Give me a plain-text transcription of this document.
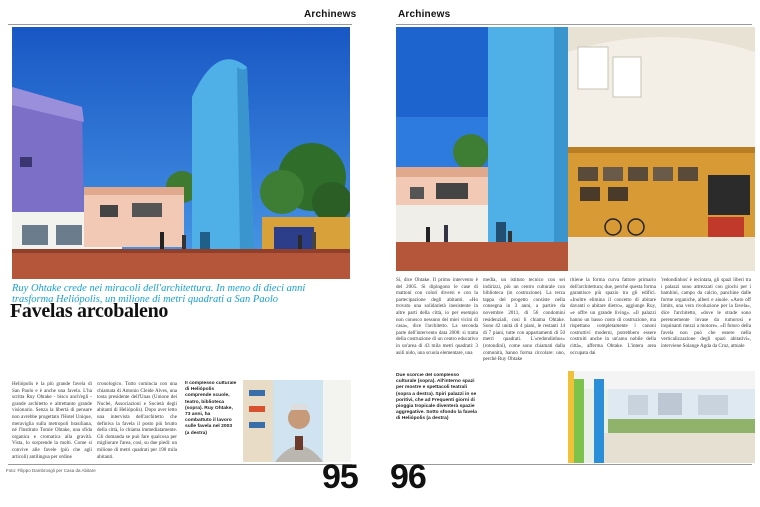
Archinews
Ruy Ohtake crede nei miracoli dell'architettura. In meno di dieci anni trasforma Heliópolis, un milione di metri quadrati a San Paolo
Favelas arcobaleno
Heliópolis è la più grande favela di San Paolo e è anche una favela. L'ha scritta Ruy Ohtake - bisco anch'egli - grande architetto e altrettanto grande visionario. Senza la libertà di pensare non avrebbe progettato l'Hotel Unique, meraviglia sulla metropoli brasiliana, né l'Instituto Tomie Ohtake, una sfida organica e cromatica alla gravità. Vista, lo sorprende la molti. Come si convive alle favele (più che agli articoli) antilingua per ordine
cronologico. Tutto comincia con una chiamata di Antonio Cleide Alves, una tosta presidente dell'Unas (Unione dei Nuclei, Associazioni e Società degli abitanti di Heliópolis). Dopo aver letto una intervista dell'architetto che definiva la favela il posto più brutto della città, lo chiama immediatamente. Gli domanda se può fare qualcosa per migliorare l'area, così, su due piedi: un milione di metri quadrati per 190 mila abitanti.
Il complesso culturale di Heliópolis comprende scuole, teatro, biblioteca (sopra). Ruy Ohtake, 73 anni, ha combattuto il lavoro sulle favela nel 2003 (a destra)
Foto: Filippo Dambrosgli per Casa da Abitare	95
Archinews
Sì, dice Ohtake. Il primo intervento è del 2005. Si dipingono le case di mattoni con colori diversi e con la partecipazione degli abitanti. «Ho trovato una solidarietà inesistente in altre parti della città, io per esempio non conosco nessuno dei miei vicini di casa», dice l'architetto. La seconda parte dell'intervento data 2008: si tratta della costruzione di un centro educativo in un'area di 43 mila metri quadrati: 3 asili nido, una scuola elementare, una
media, un istituto tecnico con sei indirizzi, più un centro culturale con biblioteca (in costruzione). La terza tappa del progetto consiste nella consegna in 3 anni, a partire da novembre 2011, di 56 condomini residenziali, così li chiama Ohtake. Sono 42 unità di 4 piani, le restanti 14 di 7 piani, tutte con appartamenti di 50 metri quadrati. L'«redondinhos» (rotondini), come sono chiamati dalla comunità, hanno forma circolare: uno, perché Ruy Ohtake
ritiene la forma curva fattore primario dell'architettura; due, perché questa forma garantisce più spazio tra gli edifici. «Inoltre elimina il concetto di abitare davanti o abitare dietro», aggiunge Ruy, «e offre un grande living». «Il palazzi hanno un basso costo di costruzione, ma rispettano completamente i canoni costruttivi moderni, potrebbero essere costruiti anche in un'area nobile della città», afferma Ohtake. L'intera area occupata dai
'redondinhos' è recintata, gli spazi liberi tra i palazzi sono attrezzati con giochi per i bambini, campo da calcio, panchine dalle forme organiche, alberi e aiuole. «Auto off limits, una vera rivoluzione per la favela», dice l'architetto, «dove le strade sono perennemente invase da rumorosi e inquinanti mezzi a motore». «Il futuro della favela non può che essere nella verticalizzazione degli spazi abitativi», interviene Solange Agda da Cruz, attuale
Due scorcie del complesso culturale (sopra). All'interno spazi per mostre e spettacoli teatrali (sopra a destra). Spiri palazzi in se poritivi, che ad Frequenti giorni di pioggia tropicale diventerà spazie aggregative. Sotto sfondo la favela di Heliópolis (a destra)
96
